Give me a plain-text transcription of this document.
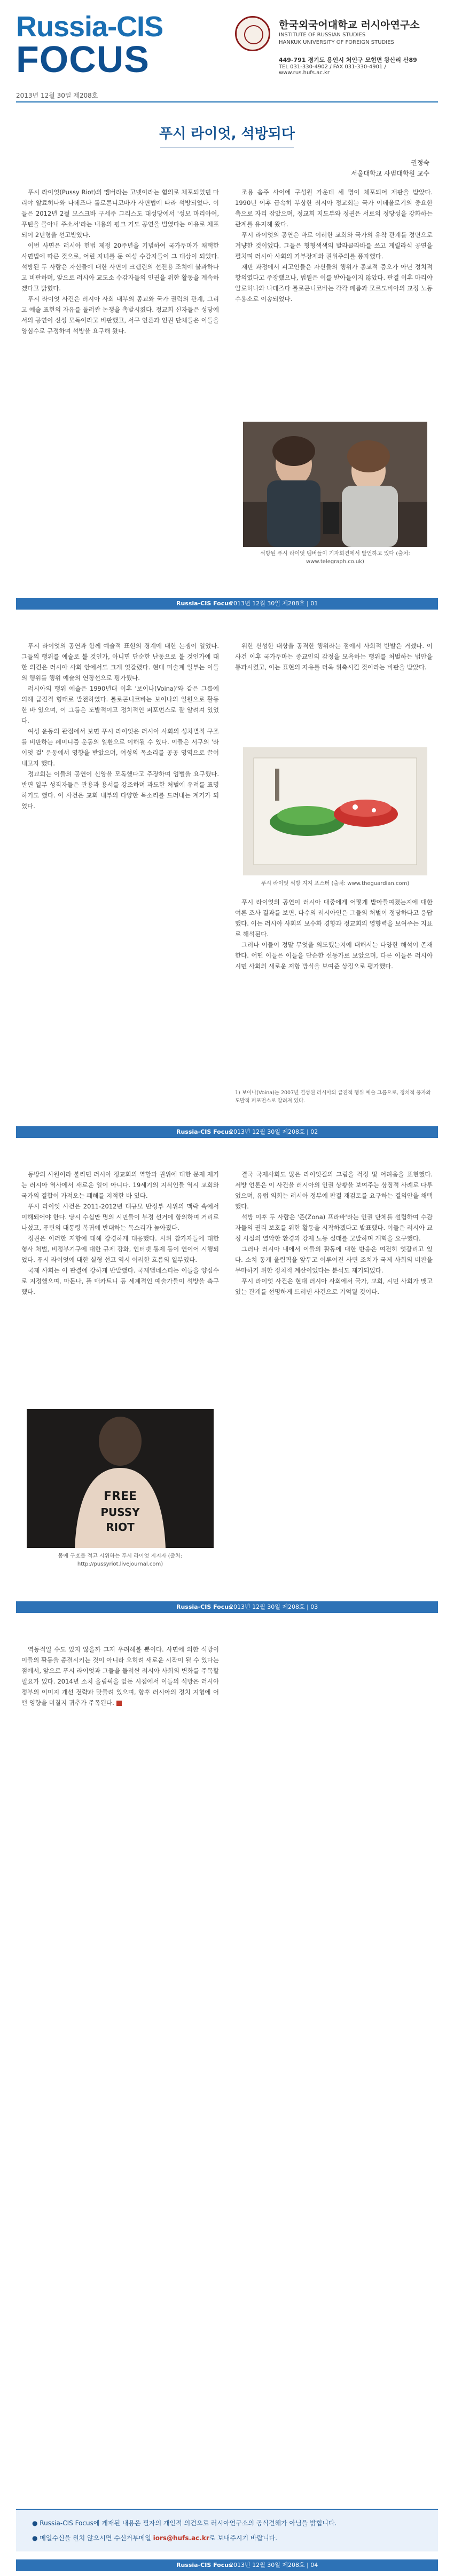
Russia-CIS
FOCUS
2013년 12월 30일 제208호
한국외국어대학교 러시아연구소
INSTITUTE OF RUSSIAN STUDIES
HANKUK UNIVERSITY OF FOREIGN STUDIES
449-791 경기도 용인시 처인구 모현면 왕산리 산89
TEL 031-330-4902 / FAX 031-330-4901 / www.rus.hufs.ac.kr
푸시 라이엇, 석방되다
권정숙
서울대학교 사범대학원 교수

푸시 라이엇(Pussy Riot)의 멤버라는 고넷이라는 혐의로 체포되었던 마리야 알료히나와 나데즈다 톨로콘니코바가 사면법에 따라 석방되었다. 이들은 2012년 2월 모스크바 구세주 그리스도 대성당에서 '성모 마리아여, 푸틴을 몰아내 주소서'라는 내용의 펑크 기도 공연을 벌였다는 이유로 체포되어 2년형을 선고받았다.

이번 사면은 러시아 헌법 제정 20주년을 기념하여 국가두마가 채택한 사면법에 따른 것으로, 어린 자녀를 둔 여성 수감자들이 그 대상이 되었다. 석방된 두 사람은 자신들에 대한 사면이 크렘린의 선전용 조치에 불과하다고 비판하며, 앞으로 러시아 교도소 수감자들의 인권을 위한 활동을 계속하겠다고 밝혔다.

푸시 라이엇 사건은 러시아 사회 내부의 종교와 국가 권력의 관계, 그리고 예술 표현의 자유를 둘러싼 논쟁을 촉발시켰다. 정교회 신자들은 성당에서의 공연이 신성 모독이라고 비판했고, 서구 언론과 인권 단체들은 이들을 양심수로 규정하며 석방을 요구해 왔다.

조용 음주 사이에 구성원 가운데 세 명이 체포되어 재판을 받았다. 1990년 이후 급속히 부상한 러시아 정교회는 국가 이데올로기의 중요한 축으로 자리 잡았으며, 정교회 지도부와 정권은 서로의 정당성을 강화하는 관계를 유지해 왔다.

푸시 라이엇의 공연은 바로 이러한 교회와 국가의 유착 관계를 정면으로 겨냥한 것이었다. 그들은 형형색색의 발라클라바를 쓰고 게릴라식 공연을 펼치며 러시아 사회의 가부장제와 권위주의를 풍자했다.

재판 과정에서 피고인들은 자신들의 행위가 종교적 증오가 아닌 정치적 항의였다고 주장했으나, 법원은 이를 받아들이지 않았다. 판결 이후 마리야 알료히나와 나데즈다 톨로콘니코바는 각각 페름과 모르도비아의 교정 노동 수용소로 이송되었다.

석방된 푸시 라이엇 멤버들이 기자회견에서 발언하고 있다 (출처: www.telegraph.co.uk)
Russia-CIS Focus
2013년 12월 30일 제208호 | 01

푸시 라이엇의 공연과 함께 예술적 표현의 경계에 대한 논쟁이 일었다. 그들의 행위를 예술로 볼 것인가, 아니면 단순한 난동으로 볼 것인가에 대한 의견은 러시아 사회 안에서도 크게 엇갈렸다. 현대 미술계 일부는 이들의 행위를 행위 예술의 연장선으로 평가했다.

러시아의 행위 예술은 1990년대 이후 '보이나(Voina)'와 같은 그룹에 의해 급진적 형태로 발전하였다. 톨로콘니코바는 보이나의 일원으로 활동한 바 있으며, 이 그룹은 도발적이고 정치적인 퍼포먼스로 잘 알려져 있었다.

여성 운동의 관점에서 보면 푸시 라이엇은 러시아 사회의 성차별적 구조를 비판하는 페미니즘 운동의 일환으로 이해될 수 있다. 이들은 서구의 '라이엇 걸' 운동에서 영향을 받았으며, 여성의 목소리를 공공 영역으로 끌어내고자 했다.

정교회는 이들의 공연이 신앙을 모독했다고 주장하며 엄벌을 요구했다. 반면 일부 성직자들은 관용과 용서를 강조하며 과도한 처벌에 우려를 표명하기도 했다. 이 사건은 교회 내부의 다양한 목소리를 드러내는 계기가 되었다.

위한 신성한 대상을 공격한 행위라는 점에서 사회적 반발은 거셌다. 이 사건 이후 국가두마는 종교인의 감정을 모욕하는 행위를 처벌하는 법안을 통과시켰고, 이는 표현의 자유를 더욱 위축시킬 것이라는 비판을 받았다.

푸시 라이엇 석방 지지 포스터 (출처: www.theguardian.com)

푸시 라이엇의 공연이 러시아 대중에게 어떻게 받아들여졌는지에 대한 여론 조사 결과를 보면, 다수의 러시아인은 그들의 처벌이 정당하다고 응답했다. 이는 러시아 사회의 보수화 경향과 정교회의 영향력을 보여주는 지표로 해석된다.

그러나 이들이 정말 무엇을 의도했는지에 대해서는 다양한 해석이 존재한다. 어떤 이들은 이들을 단순한 선동가로 보았으며, 다른 이들은 러시아 시민 사회의 새로운 저항 방식을 보여준 상징으로 평가했다.

1) 보이나(Voina)는 2007년 결성된 러시아의 급진적 행위 예술 그룹으로, 정치적 풍자와 도발적 퍼포먼스로 알려져 있다.
Russia-CIS Focus
2013년 12월 30일 제208호 | 02

동방의 사원이라 불리던 러시아 정교회의 역할과 권위에 대한 문제 제기는 러시아 역사에서 새로운 일이 아니다. 19세기의 지식인들 역시 교회와 국가의 결합이 가져오는 폐해를 지적한 바 있다.

푸시 라이엇 사건은 2011-2012년 대규모 반정부 시위의 맥락 속에서 이해되어야 한다. 당시 수십만 명의 시민들이 부정 선거에 항의하며 거리로 나섰고, 푸틴의 대통령 복귀에 반대하는 목소리가 높아졌다.

정권은 이러한 저항에 대해 강경하게 대응했다. 시위 참가자들에 대한 형사 처벌, 비정부기구에 대한 규제 강화, 인터넷 통제 등이 연이어 시행되었다. 푸시 라이엇에 대한 실형 선고 역시 이러한 흐름의 일부였다.

국제 사회는 이 판결에 강하게 반발했다. 국제앰네스티는 이들을 양심수로 지정했으며, 마돈나, 폴 매카트니 등 세계적인 예술가들이 석방을 촉구했다.

FREE
PUSSY
RIOT
몸에 구호를 적고 시위하는 푸시 라이엇 지지자 (출처: http://pussyriot.livejournal.com)

결국 국제사회도 많은 라이엇걸의 그림을 걱정 및 어려움을 표현했다. 서방 언론은 이 사건을 러시아의 인권 상황을 보여주는 상징적 사례로 다루었으며, 유럽 의회는 러시아 정부에 판결 재검토를 요구하는 결의안을 채택했다.

석방 이후 두 사람은 '존(Zona) 프라바'라는 인권 단체를 설립하여 수감자들의 권리 보호를 위한 활동을 시작하겠다고 발표했다. 이들은 러시아 교정 시설의 열악한 환경과 강제 노동 실태를 고발하며 개혁을 요구했다.

그러나 러시아 내에서 이들의 활동에 대한 반응은 여전히 엇갈리고 있다. 소치 동계 올림픽을 앞두고 이루어진 사면 조치가 국제 사회의 비판을 무마하기 위한 정치적 계산이었다는 분석도 제기되었다.

푸시 라이엇 사건은 현대 러시아 사회에서 국가, 교회, 시민 사회가 맺고 있는 관계를 선명하게 드러낸 사건으로 기억될 것이다.

Russia-CIS Focus
2013년 12월 30일 제208호 | 03

역동적일 수도 있지 않을까 그저 우려해볼 뿐이다. 사면에 의한 석방이 이들의 활동을 종결시키는 것이 아니라 오히려 새로운 시작이 될 수 있다는 점에서, 앞으로 푸시 라이엇과 그들을 둘러싼 러시아 사회의 변화를 주목할 필요가 있다. 2014년 소치 올림픽을 앞둔 시점에서 이들의 석방은 러시아 정부의 이미지 개선 전략과 맞물려 있으며, 향후 러시아의 정치 지형에 어떤 영향을 미칠지 귀추가 주목된다.

● Russia-CIS Focus에 게재된 내용은 필자의 개인적 의견으로 러시아연구소의 공식견해가 아님을 밝힙니다.
● 메일수신을 원치 않으시면 수신거부메일 iors@hufs.ac.kr로 보내주시기 바랍니다.
Russia-CIS Focus
2013년 12월 30일 제208호 | 04
